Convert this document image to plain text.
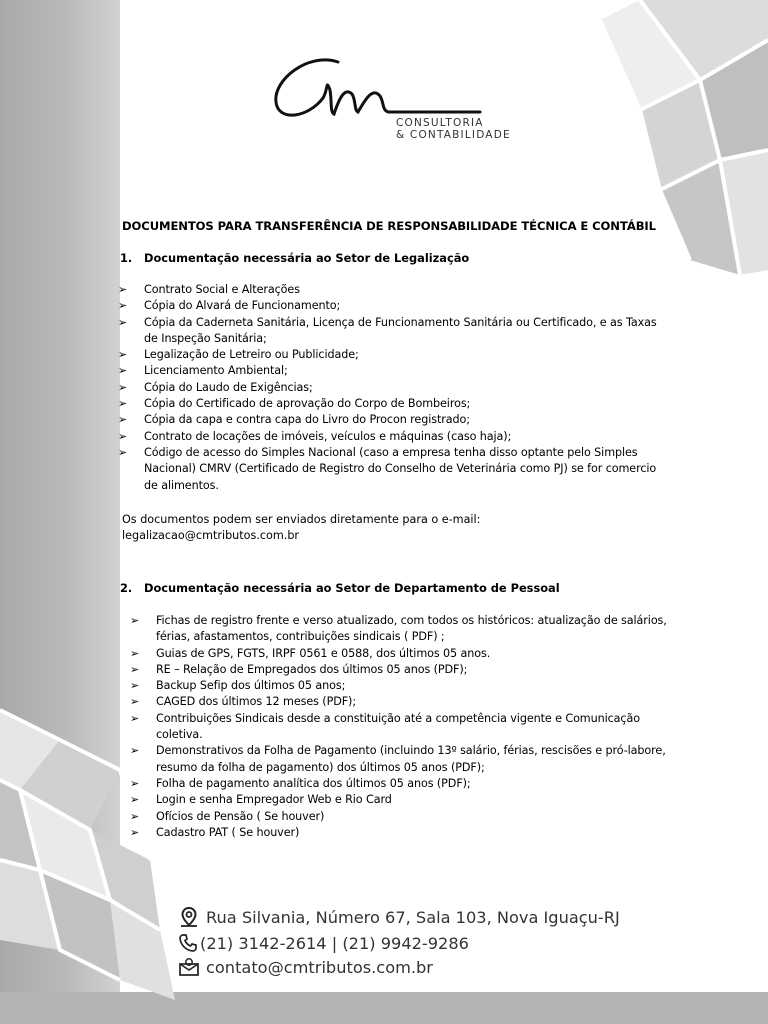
CONSULTORIA
& CONTABILIDADE
DOCUMENTOS PARA TRANSFERÊNCIA DE RESPONSABILIDADE TÉCNICA E CONTÁBIL
1. Documentação necessária ao Setor de Legalização
➢	Contrato Social e Alterações
➢	Cópia do Alvará de Funcionamento;
➢	Cópia da Caderneta Sanitária, Licença de Funcionamento Sanitária ou Certificado, e as Taxas de Inspeção Sanitária;
➢	Legalização de Letreiro ou Publicidade;
➢	Licenciamento Ambiental;
➢	Cópia do Laudo de Exigências;
➢	Cópia do Certificado de aprovação do Corpo de Bombeiros;
➢	Cópia da capa e contra capa do Livro do Procon registrado;
➢	Contrato de locações de imóveis, veículos e máquinas (caso haja);
➢	Código de acesso do Simples Nacional (caso a empresa tenha disso optante pelo Simples Nacional) CMRV (Certificado de Registro do Conselho de Veterinária como PJ) se for comercio de alimentos.
Os documentos podem ser enviados diretamente para o e-mail:
legalizacao@cmtributos.com.br
2. Documentação necessária ao Setor de Departamento de Pessoal
➢	Fichas de registro frente e verso atualizado, com todos os históricos: atualização de salários, férias, afastamentos, contribuições sindicais ( PDF) ;
➢	Guias de GPS, FGTS, IRPF 0561 e 0588, dos últimos 05 anos.
➢	RE – Relação de Empregados dos últimos 05 anos (PDF);
➢	Backup Sefip dos últimos 05 anos;
➢	CAGED dos últimos 12 meses (PDF);
➢	Contribuições Sindicais desde a constituição até a competência vigente e Comunicação coletiva.
➢	Demonstrativos da Folha de Pagamento (incluindo 13º salário, férias, rescisões e pró-labore, resumo da folha de pagamento) dos últimos 05 anos (PDF);
➢	Folha de pagamento analítica dos últimos 05 anos (PDF);
➢	Login e senha Empregador Web e Rio Card
➢	Ofícios de Pensão ( Se houver)
➢	Cadastro PAT ( Se houver)
Rua Silvania, Número 67, Sala 103, Nova Iguaçu-RJ
(21) 3142-2614 | (21) 9942-9286
contato@cmtributos.com.br
